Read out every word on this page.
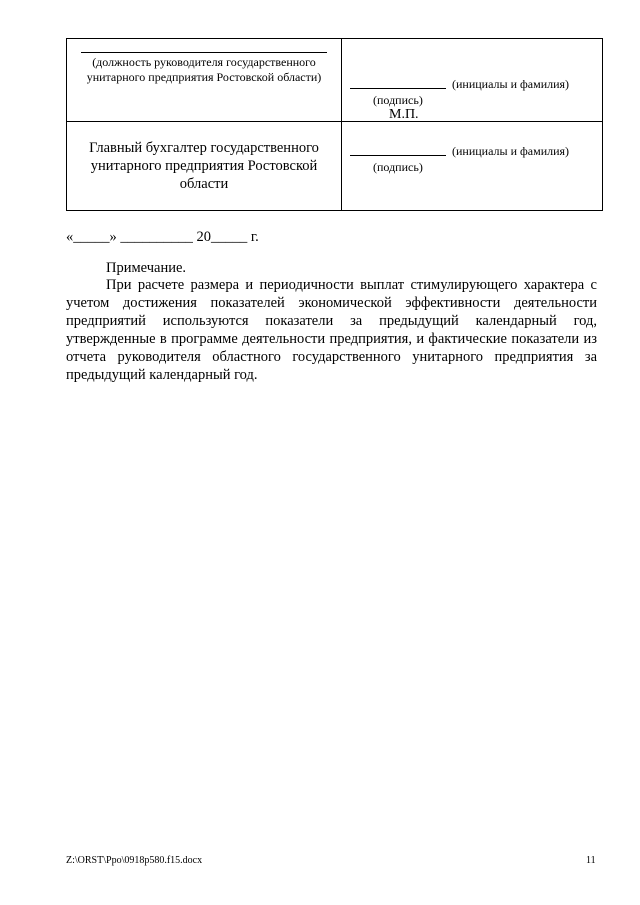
(должность руководителя государственного унитарного предприятия Ростовской области)	(инициалы и фамилия)
(подпись)
М.П.

Главный бухгалтер государственного унитарного предприятия Ростовской области	(инициалы и фамилия)
(подпись)
«_____» __________ 20_____ г.
Примечание.

При расчете размера и периодичности выплат стимулирующего характера с учетом достижения показателей экономической эффективности деятельности предприятий используются показатели за предыдущий календарный год, утвержденные в программе деятельности предприятия, и фактические показатели из отчета руководителя областного государственного унитарного предприятия за предыдущий календарный год.

Z:\ORST\Ppo\0918p580.f15.docx	11
